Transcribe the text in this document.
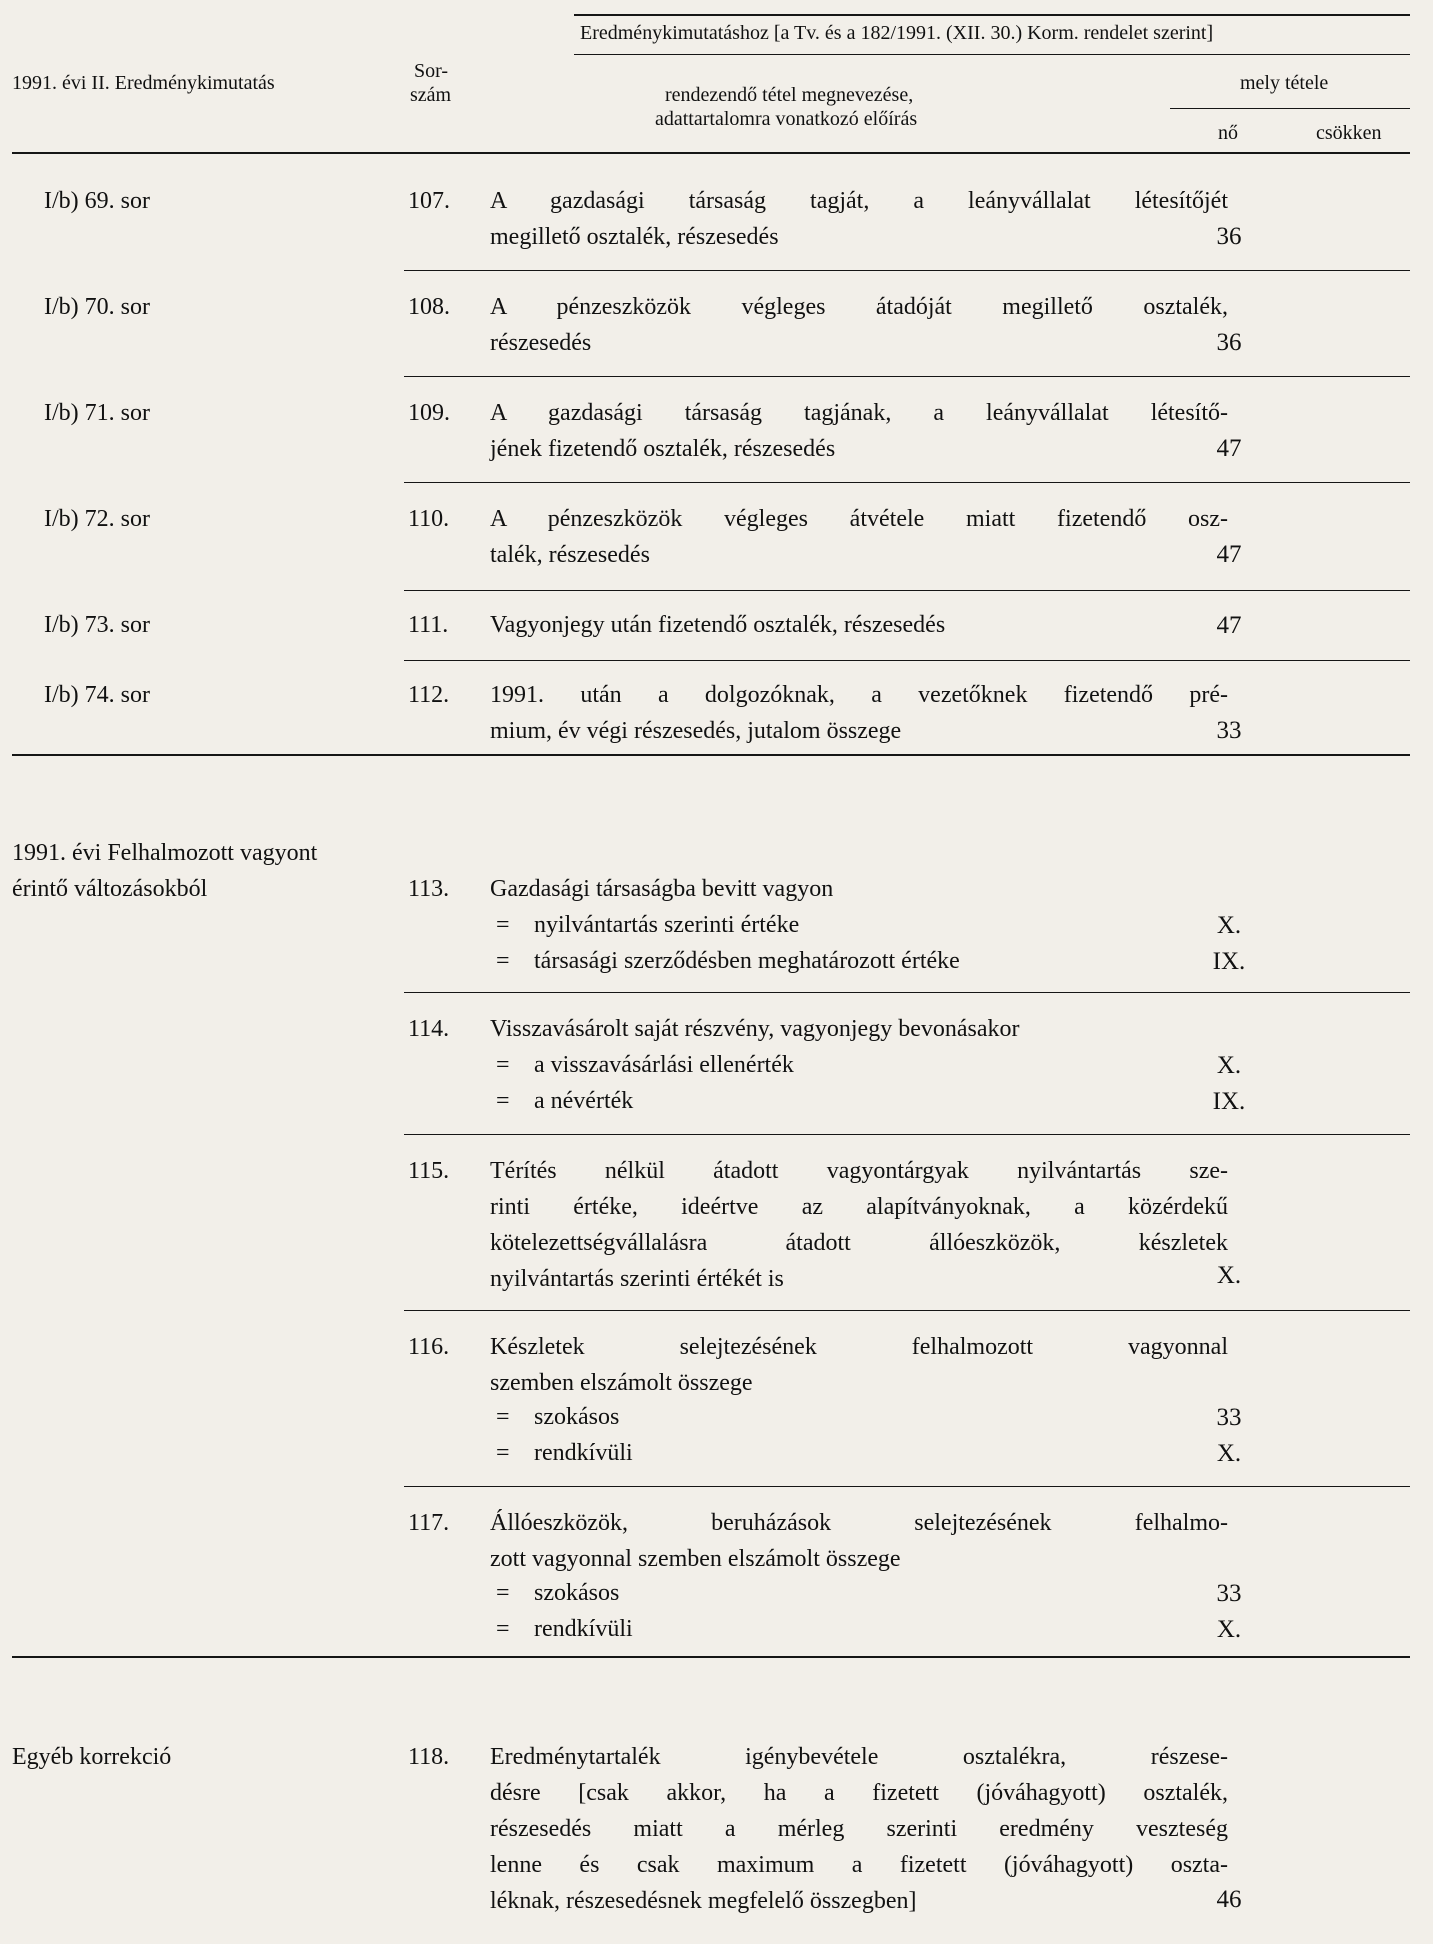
Eredménykimutatáshoz [a Tv. és a 182/1991. (XII. 30.) Korm. rendelet szerint]
1991. évi II. Eredménykimutatás
Sor-
szám	rendezendő tétel megnevezése,
adattartalomra vonatkozó előírás
mely tétele
nő	csökken
I/b) 69. sor	107. A gazdasági társaság tagját, a leányvállalat létesítőjét
megillető osztalék, részesedés	36
I/b) 70. sor	108. A pénzeszközök végleges átadóját megillető osztalék,
részesedés	36
I/b) 71. sor	109. A gazdasági társaság tagjának, a leányvállalat létesítő-
jének fizetendő osztalék, részesedés	47
I/b) 72. sor	110. A pénzeszközök végleges átvétele miatt fizetendő osz-
talék, részesedés	47
I/b) 73. sor	111. Vagyonjegy után fizetendő osztalék, részesedés	47
I/b) 74. sor	112. 1991. után a dolgozóknak, a vezetőknek fizetendő pré-
mium, év végi részesedés, jutalom összege	33
1991. évi Felhalmozott vagyont
érintő változásokból	113. Gazdasági társaságba bevitt vagyon
= nyilvántartás szerinti értéke	X.
= társasági szerződésben meghatározott értéke	IX.
114. Visszavásárolt saját részvény, vagyonjegy bevonásakor
= a visszavásárlási ellenérték	X.
= a névérték	IX.
115. Térítés nélkül átadott vagyontárgyak nyilvántartás sze-
rinti értéke, ideértve az alapítványoknak, a közérdekű
kötelezettségvállalásra átadott állóeszközök, készletek
nyilvántartás szerinti értékét is	X.
116. Készletek selejtezésének felhalmozott vagyonnal
szemben elszámolt összege
= szokásos	33
= rendkívüli	X.
117. Állóeszközök, beruházások selejtezésének felhalmo-
zott vagyonnal szemben elszámolt összege
= szokásos	33
= rendkívüli	X.
Egyéb korrekció	118. Eredménytartalék igénybevétele osztalékra, részese-
désre [csak akkor, ha a fizetett (jóváhagyott) osztalék,
részesedés miatt a mérleg szerinti eredmény veszteség
lenne és csak maximum a fizetett (jóváhagyott) oszta-
léknak, részesedésnek megfelelő összegben]	46
